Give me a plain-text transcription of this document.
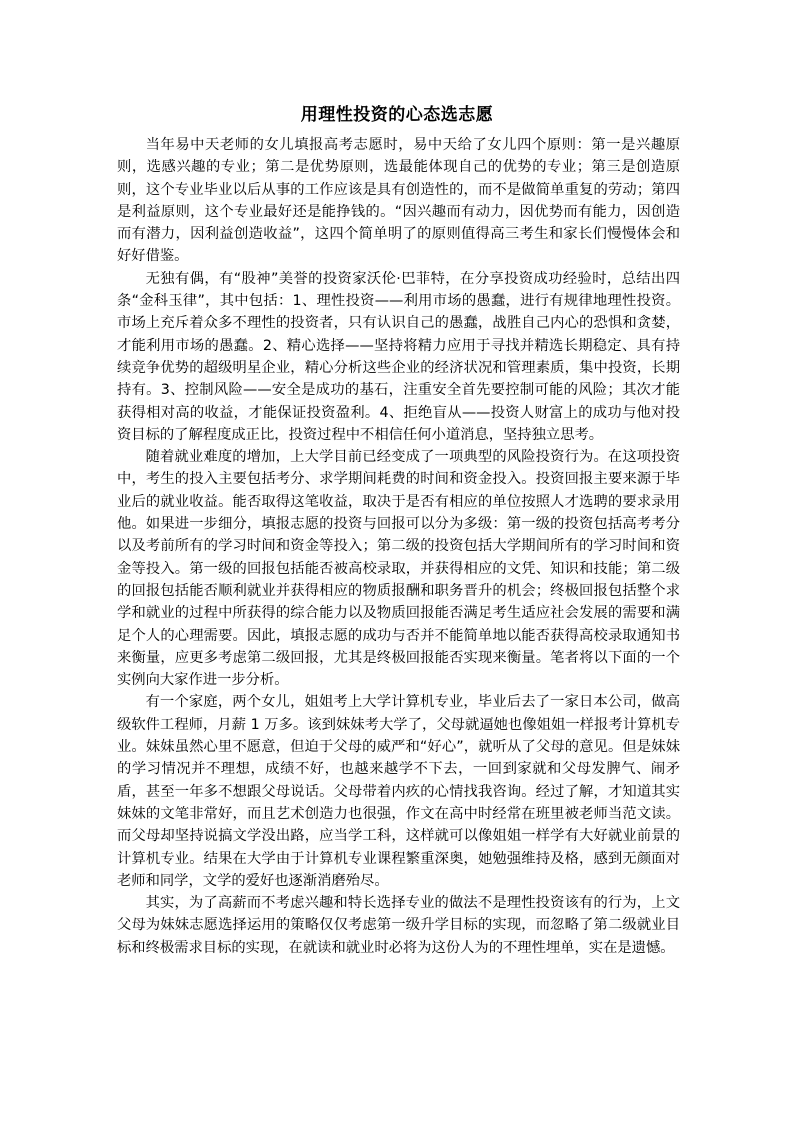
用理性投资的心态选志愿

当年易中天老师的女儿填报高考志愿时，易中天给了女儿四个原则：第一是兴趣原则，选感兴趣的专业；第二是优势原则，选最能体现自己的优势的专业；第三是创造原则，这个专业毕业以后从事的工作应该是具有创造性的，而不是做简单重复的劳动；第四是利益原则，这个专业最好还是能挣钱的。“因兴趣而有动力，因优势而有能力，因创造而有潜力，因利益创造收益”，这四个简单明了的原则值得高三考生和家长们慢慢体会和好好借鉴。

无独有偶，有“股神”美誉的投资家沃伦·巴菲特，在分享投资成功经验时，总结出四条“金科玉律”，其中包括：1、理性投资——利用市场的愚蠢，进行有规律地理性投资。市场上充斥着众多不理性的投资者，只有认识自己的愚蠢，战胜自己内心的恐惧和贪婪，才能利用市场的愚蠢。2、精心选择——坚持将精力应用于寻找并精选长期稳定、具有持续竞争优势的超级明星企业，精心分析这些企业的经济状况和管理素质，集中投资，长期持有。3、控制风险——安全是成功的基石，注重安全首先要控制可能的风险；其次才能获得相对高的收益，才能保证投资盈利。4、拒绝盲从——投资人财富上的成功与他对投资目标的了解程度成正比，投资过程中不相信任何小道消息，坚持独立思考。

随着就业难度的增加，上大学目前已经变成了一项典型的风险投资行为。在这项投资中，考生的投入主要包括考分、求学期间耗费的时间和资金投入。投资回报主要来源于毕业后的就业收益。能否取得这笔收益，取决于是否有相应的单位按照人才选聘的要求录用他。如果进一步细分，填报志愿的投资与回报可以分为多级：第一级的投资包括高考考分以及考前所有的学习时间和资金等投入；第二级的投资包括大学期间所有的学习时间和资金等投入。第一级的回报包括能否被高校录取，并获得相应的文凭、知识和技能；第二级的回报包括能否顺利就业并获得相应的物质报酬和职务晋升的机会；终极回报包括整个求学和就业的过程中所获得的综合能力以及物质回报能否满足考生适应社会发展的需要和满足个人的心理需要。因此，填报志愿的成功与否并不能简单地以能否获得高校录取通知书来衡量，应更多考虑第二级回报，尤其是终极回报能否实现来衡量。笔者将以下面的一个实例向大家作进一步分析。

有一个家庭，两个女儿，姐姐考上大学计算机专业，毕业后去了一家日本公司，做高级软件工程师，月薪 1 万多。该到妹妹考大学了，父母就逼她也像姐姐一样报考计算机专业。妹妹虽然心里不愿意，但迫于父母的威严和“好心”，就听从了父母的意见。但是妹妹的学习情况并不理想，成绩不好，也越来越学不下去，一回到家就和父母发脾气、闹矛盾，甚至一年多不想跟父母说话。父母带着内疚的心情找我咨询。经过了解，才知道其实妹妹的文笔非常好，而且艺术创造力也很强，作文在高中时经常在班里被老师当范文读。而父母却坚持说搞文学没出路，应当学工科，这样就可以像姐姐一样学有大好就业前景的计算机专业。结果在大学由于计算机专业课程繁重深奥，她勉强维持及格，感到无颜面对老师和同学，文学的爱好也逐渐消磨殆尽。

其实，为了高薪而不考虑兴趣和特长选择专业的做法不是理性投资该有的行为，上文父母为妹妹志愿选择运用的策略仅仅考虑第一级升学目标的实现，而忽略了第二级就业目标和终极需求目标的实现，在就读和就业时必将为这份人为的不理性埋单，实在是遗憾。
